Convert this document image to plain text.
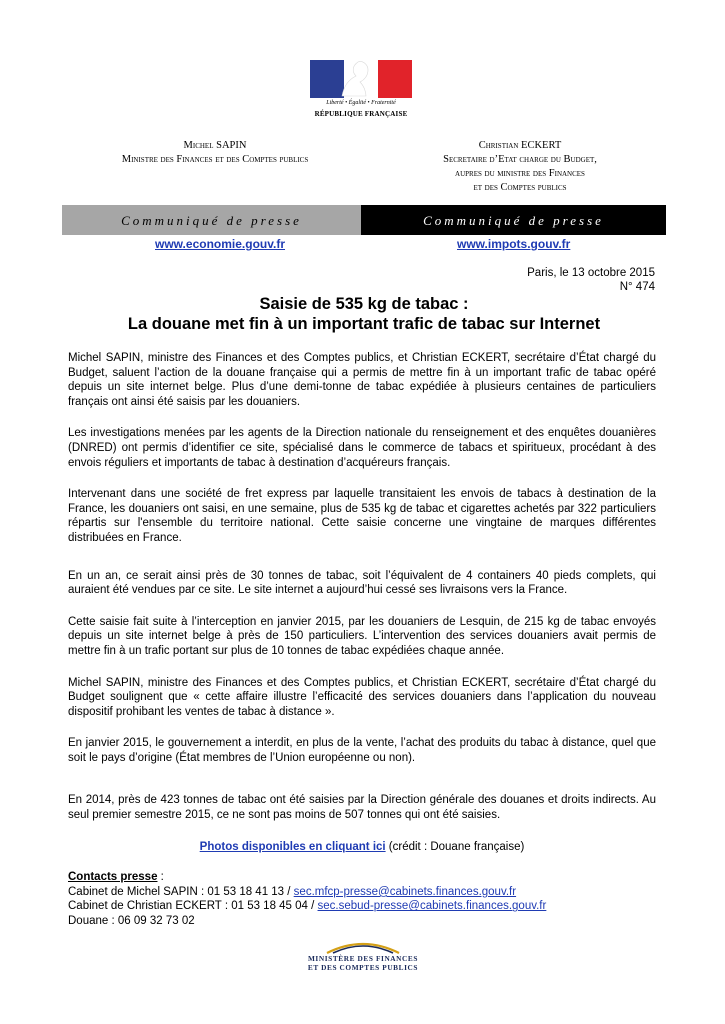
Liberté • Égalité • Fraternité
RÉPUBLIQUE FRANÇAISE
Michel SAPIN
Ministre des Finances et des Comptes publics
Christian ECKERT
Secretaire d’Etat charge du Budget,
aupres du ministre des Finances
et des Comptes publics
Communiqué de presse	Communiqué de presse
www.economie.gouv.fr	www.impots.gouv.fr
Paris, le 13 octobre 2015
N° 474
Saisie de 535 kg de tabac :
La douane met fin à un important trafic de tabac sur Internet

Michel SAPIN, ministre des Finances et des Comptes publics, et Christian ECKERT, secrétaire d’État chargé du Budget, saluent l’action de la douane française qui a permis de mettre fin à un important trafic de tabac opéré depuis un site internet belge. Plus d’une demi-tonne de tabac expédiée à plusieurs centaines de particuliers français ont ainsi été saisis par les douaniers.

Les investigations menées par les agents de la Direction nationale du renseignement et des enquêtes douanières (DNRED) ont permis d’identifier ce site, spécialisé dans le commerce de tabacs et spiritueux, procédant à des envois réguliers et importants de tabac à destination d’acquéreurs français.

Intervenant dans une société de fret express par laquelle transitaient les envois de tabacs à destination de la France, les douaniers ont saisi, en une semaine, plus de 535 kg de tabac et cigarettes achetés par 322 particuliers répartis sur l'ensemble du territoire national. Cette saisie concerne une vingtaine de marques différentes distribuées en France.

En un an, ce serait ainsi près de 30 tonnes de tabac, soit l’équivalent de 4 containers 40 pieds complets, qui auraient été vendues par ce site. Le site internet a aujourd’hui cessé ses livraisons vers la France.

Cette saisie fait suite à l’interception en janvier 2015, par les douaniers de Lesquin, de 215 kg de tabac envoyés depuis un site internet belge à près de 150 particuliers. L’intervention des services douaniers avait permis de mettre fin à un trafic portant sur plus de 10 tonnes de tabac expédiées chaque année.

Michel SAPIN, ministre des Finances et des Comptes publics, et Christian ECKERT, secrétaire d’État chargé du Budget soulignent que « cette affaire illustre l’efficacité des services douaniers dans l’application du nouveau dispositif prohibant les ventes de tabac à distance ».

En janvier 2015, le gouvernement a interdit, en plus de la vente, l’achat des produits du tabac à distance, quel que soit le pays d’origine (État membres de l’Union européenne ou non).

En 2014, près de 423 tonnes de tabac ont été saisies par la Direction générale des douanes et droits indirects. Au seul premier semestre 2015, ce ne sont pas moins de 507 tonnes qui ont été saisies.

Photos disponibles en cliquant ici (crédit : Douane française)

Contacts presse :
Cabinet de Michel SAPIN : 01 53 18 41 13 / sec.mfcp-presse@cabinets.finances.gouv.fr
Cabinet de Christian ECKERT : 01 53 18 45 04 / sec.sebud-presse@cabinets.finances.gouv.fr
Douane : 06 09 32 73 02
MINISTÈRE DES FINANCES
ET DES COMPTES PUBLICS
